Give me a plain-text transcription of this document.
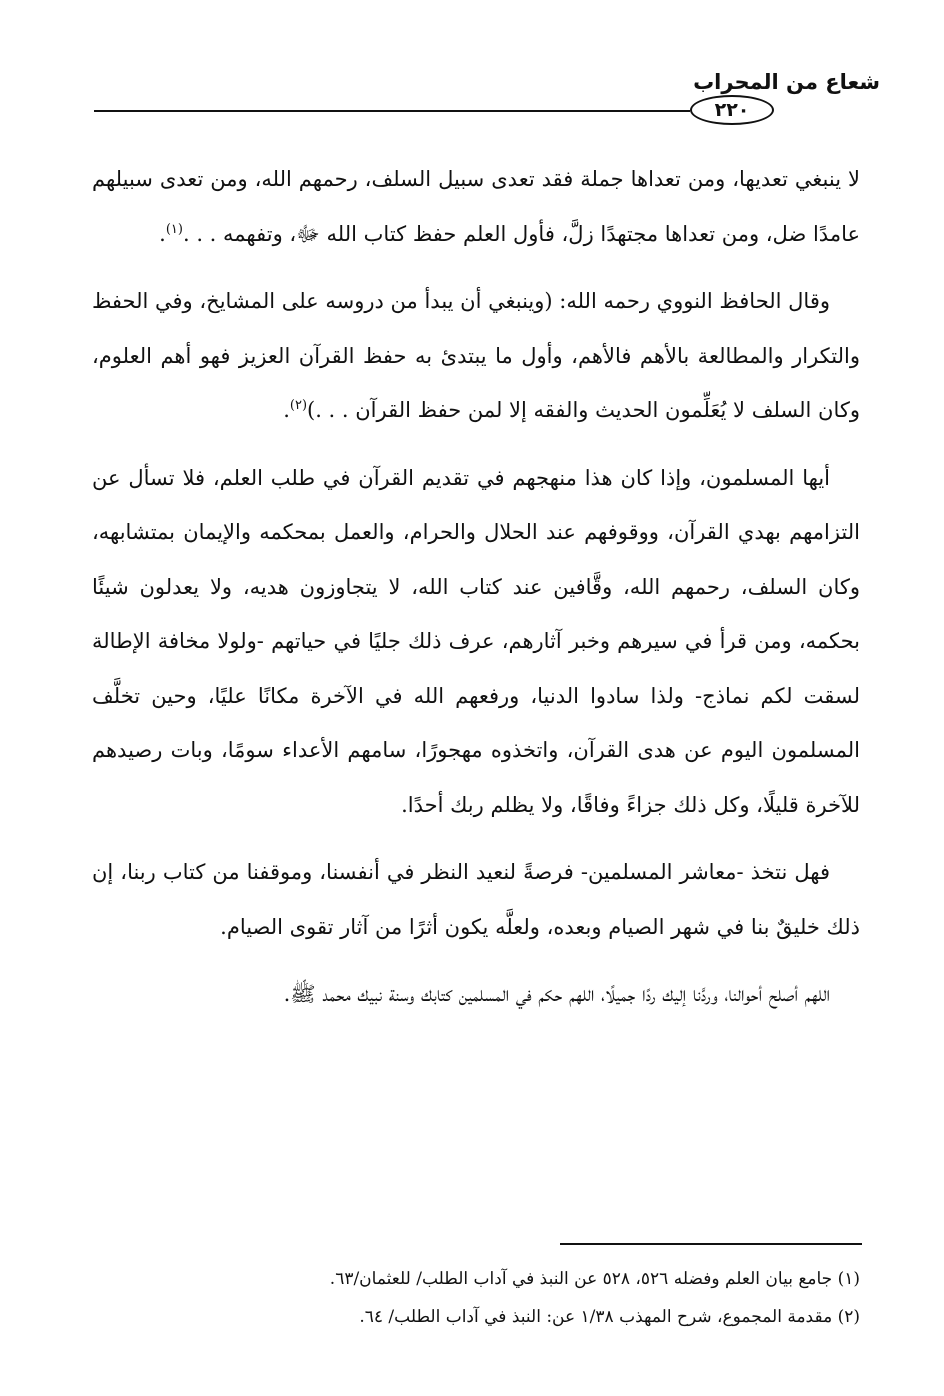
شعاع من المحراب
٢٢٠

لا ينبغي تعديها، ومن تعداها جملة فقد تعدى سبيل السلف، رحمهم الله، ومن تعدى سبيلهم عامدًا ضل، ومن تعداها مجتهدًا زلَّ، فأول العلم حفظ كتاب الله ﷻ، وتفهمه . . .$^{(١)}$.

وقال الحافظ النووي رحمه الله: (وينبغي أن يبدأ من دروسه على المشايخ، وفي الحفظ والتكرار والمطالعة بالأهم فالأهم، وأول ما يبتدئ به حفظ القرآن العزيز فهو أهم العلوم، وكان السلف لا يُعَلِّمون الحديث والفقه إلا لمن حفظ القرآن . . .)$^{(٢)}$.

أيها المسلمون، وإذا كان هذا منهجهم في تقديم القرآن في طلب العلم، فلا تسأل عن التزامهم بهدي القرآن، ووقوفهم عند الحلال والحرام، والعمل بمحكمه والإيمان بمتشابهه، وكان السلف، رحمهم الله، وقَّافين عند كتاب الله، لا يتجاوزون هديه، ولا يعدلون شيئًا بحكمه، ومن قرأ في سيرهم وخبر آثارهم، عرف ذلك جليًا في حياتهم -ولولا مخافة الإطالة لسقت لكم نماذج- ولذا سادوا الدنيا، ورفعهم الله في الآخرة مكانًا عليًا، وحين تخلَّف المسلمون اليوم عن هدى القرآن، واتخذوه مهجورًا، سامهم الأعداء سومًا، وبات رصيدهم للآخرة قليلًا، وكل ذلك جزاءً وفاقًا، ولا يظلم ربك أحدًا.

فهل نتخذ -معاشر المسلمين- فرصةً لنعيد النظر في أنفسنا، وموقفنا من كتاب ربنا، إن ذلك خليقٌ بنا في شهر الصيام وبعده، ولعلَّه يكون أثرًا من آثار تقوى الصيام.

اللهم أصلح أحوالنا، وردَّنا إليك ردًا جميلًا، اللهم حكم في المسلمين كتابك وسنة نبيك محمد ﷺ.

(١) جامع بيان العلم وفضله ٥٢٦، ٥٢٨ عن النبذ في آداب الطلب/ للعثمان/٦٣.
(٢) مقدمة المجموع، شرح المهذب ١/٣٨ عن: النبذ في آداب الطلب/ ٦٤.
